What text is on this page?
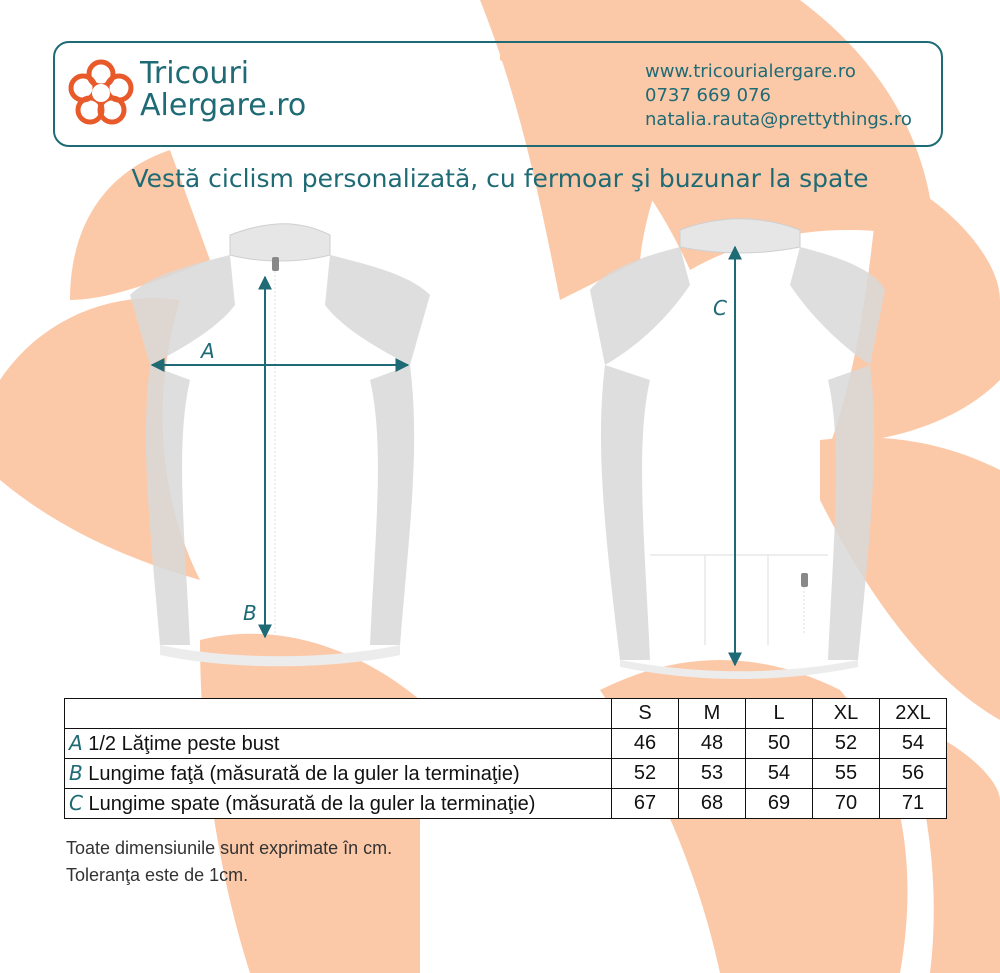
Tricouri
Alergare.ro
www.tricourialergare.ro
0737 669 076
natalia.rauta@prettythings.ro
Vestă ciclism personalizată, cu fermoar şi buzunar la spate
A
B
C
	S	M	L	XL	2XL
A 1/2 Lăţime peste bust	46	48	50	52	54
B Lungime faţă (măsurată de la guler la terminaţie)	52	53	54	55	56
C Lungime spate (măsurată de la guler la terminaţie)	67	68	69	70	71
Toate dimensiunile sunt exprimate în cm.
Toleranţa este de 1cm.
